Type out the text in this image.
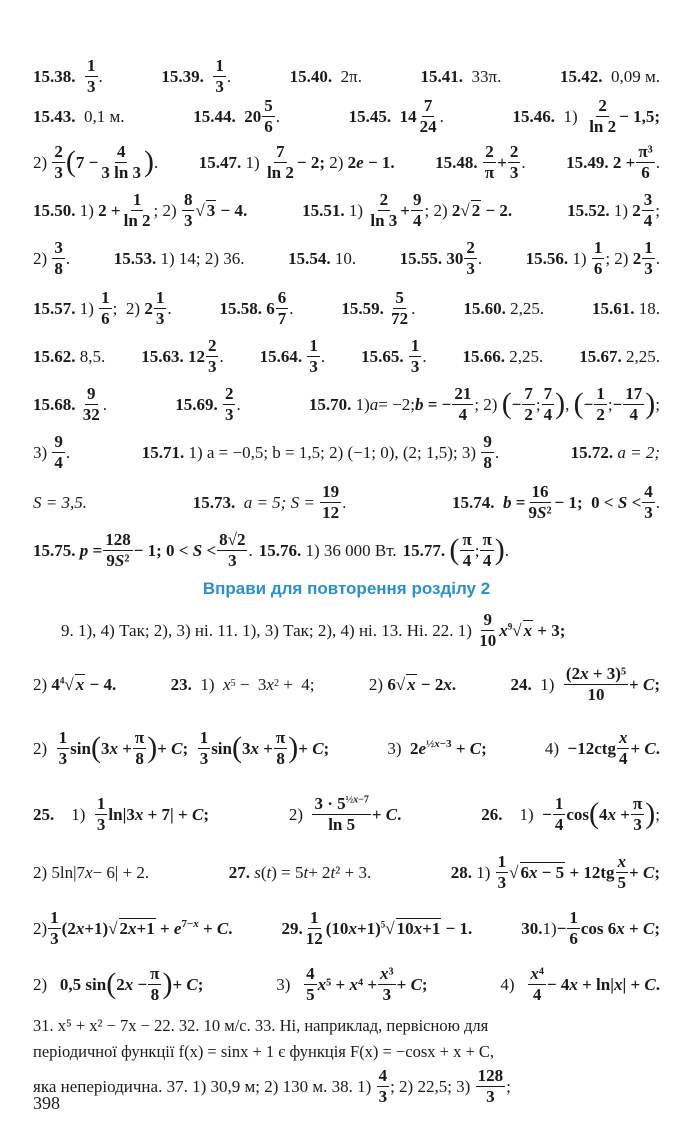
15.38.
$\frac{1}{3}$ .	15.39.
$\frac{1}{3}$ .	15.40.
2π.	15.41.
33π.	15.42.
0,09 м.
15.43.
0,1 м.	15.44.
$20 \frac{5}{6}$ .	15.45.
$14 \frac{7}{24}$ .	15.46. $1) \frac{2}{\ln 2} - 1,5$;
$2) \frac{2}{3}$ ( $7 - \frac{4}{3 \ln 3}$ ) . 15.47. $1) \frac{7}{\ln 2} - 2$; 2) 2e − 1. 15.48.
$\frac{2}{\pi} + \frac{2}{3}$ . 15.49.
$2 + \frac{\text{π³}}{6}$ .
15.50. 1) $2 + \frac{1}{\ln 2}$ ; $2) \frac{8}{3}$ √ 3 − 4.	15.51. $1) \frac{2}{\ln 3} + \frac{9}{4}$ ; 2) 2√ 2 − 2.	15.52. 1) $2 \frac{3}{4}$ ;
$2) \frac{3}{8}$ .	15.53.
1) 14; 2) 36.	15.54.
10.	15.55.
$30 \frac{2}{3}$ .	15.56. $1) \frac{1}{6}$ ; 2) $2 \frac{1}{3}$ .
15.57. $1) \frac{1}{6}$ ;  2) $2 \frac{1}{3}$ .	15.58.
$6 \frac{6}{7}$ .	15.59.
$\frac{5}{72}$ .	15.60.
2,25.	15.61.
18.
15.62.
8,5. 15.63.
$12 \frac{2}{3}$ . 15.64.
$\frac{1}{3}$ . 15.65.
$\frac{1}{3}$ . 15.66.
2,25. 15.67.
2,25.
15.68.
$\frac{9}{32}$ .	15.69.
$\frac{2}{3}$ .	15.70. 1) a = −2; b = − $\frac{21}{4}$ ; 2) ( − $\frac{7}{2}$ ; $\frac{7}{4}$ ) , ( − $\frac{1}{2}$ ; − $\frac{17}{4}$ ) ;
$3) \frac{9}{4}$ .	15.71.
1) a = −0,5; b = 1,5; 2) (−1; 0), (2; 1,5); 3)
$\frac{9}{8}$ .	15.72.
a = 2;
S = 3,5.	15.73.
a = 5; S =
$\frac{19}{12}$ .	15.74.
$b = \frac{16}{\text{9S²}} - 1$;
$0 < S < \frac{4}{3}$ .
15.75.
$p = \frac{128}{\text{9S²}} - 1$; $0 < S < \frac{8√2}{3}$ . 15.76.
1) 36 000 Вт. 15.77.
( $\frac{\pi}{4}$ ; $\frac{\pi}{4}$ ) .
Вправи для повторення розділу 2
9. 1), 4) Так; 2), 3) ні. 11. 1), 3) Так; 2), 4) ні. 13. Ні. 22. 1)
$\frac{9}{10} x^9√$ x + 3;
2) $4^4√$ x − 4.	23. 1) x 5 −  3 x 2 +  4;	2) 6√ x − 2x.	24. $1) \frac{\text{(2x + 3)⁵}}{10} + C$;
$2) \frac{1}{3}$ sin ( $3x + \frac{\pi}{8}$ ) + C;
$\frac{1}{3}$ sin ( $3x + \frac{\pi}{8}$ ) + C;	3) $2e^{\frac{1}{2}x-3} + C$;	$4) -12ctg \frac{x}{4} + C$.
25. $1) \frac{1}{3} \ln|3x + 7| + C$;	$2) \frac{3 \cdot 5^{\frac{1}{2}x-7}}{\ln 5} + C$.	26. $1) - \frac{1}{4}$ cos ( $4x + \frac{\pi}{3}$ ) ;
2) 5ln|7 x − 6| + 2.	27.
s ( t ) = 5 t + 2 t ² + 3.	28. $1) \frac{1}{3}$ √ $6x - 5 + 12tg \frac{x}{5} + C$;
$2) \frac{1}{3} (2x+1)√$ $2x+1 + e^{7-x} + C$.	29. $\frac{1}{12} (10x+1)^5√$ 10x+1 − 1.	30. $1) - \frac{1}{6}$ cos 6x + C;
2) 0,5 sin ( $2x - \frac{\pi}{8}$ ) + C;	$3) \frac{4}{5} x^5 + x^4 + \frac{\text{x³}}{3} + C$;	$4) \frac{\text{x⁴}}{4} - 4x + \ln|x| + C$.
31. x⁵ + x² − 7x − 22. 32. 10 м/с. 33. Ні, наприклад, первісною для
періодичної функції f(x) = sinx + 1 є функція F(x) = −cosx + x + C,
яка неперіодична. 37. 1) 30,9 м; 2) 130 м. 38. 1)
$\frac{4}{3}$ ; 2) 22,5; 3)
$\frac{128}{3}$ ;
398
